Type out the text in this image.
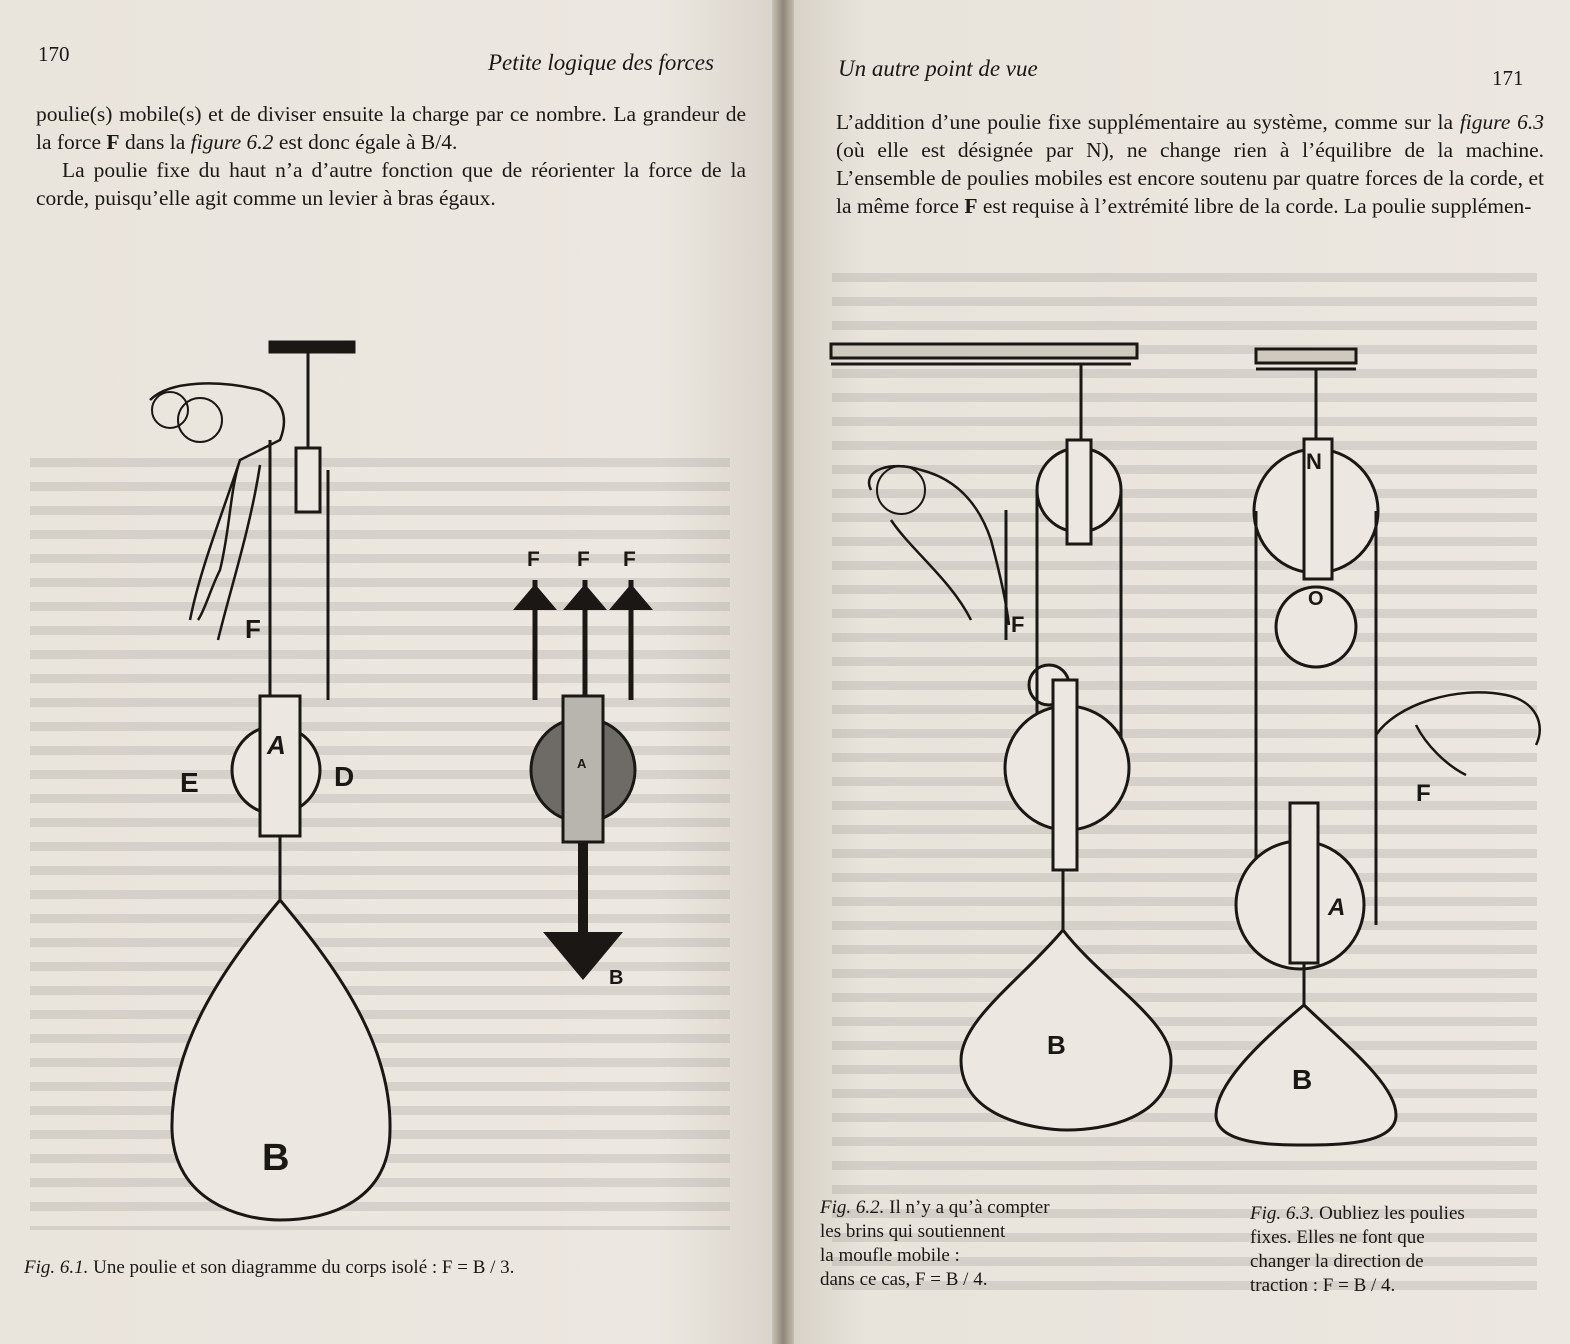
170	Petite logique des forces

poulie(s) mobile(s) et de diviser ensuite la charge par ce nombre. La grandeur de la force F dans la figure 6.2 est donc égale à B/4.

La poulie fixe du haut n’a d’autre fonction que de réorienter la force de la corde, puisqu’elle agit comme un levier à bras égaux.

F
A
E	D
B
F F F
A
B
Fig. 6.1. Une poulie et son diagramme du corps isolé : F = B / 3.
Un autre point de vue	171

L’addition d’une poulie fixe supplémentaire au système, comme sur la figure 6.3 (où elle est désignée par N), ne change rien à l’équilibre de la machine. L’ensemble de poulies mobiles est encore soutenu par quatre forces de la corde, et la même force F est requise à l’extrémité libre de la corde. La poulie supplémen-

F
B
N
O
A
F
B
Fig. 6.2. Il n’y a qu’à compter
les brins qui soutiennent
la moufle mobile :
dans ce cas, F = B / 4.
Fig. 6.3. Oubliez les poulies
fixes. Elles ne font que
changer la direction de
traction : F = B / 4.
